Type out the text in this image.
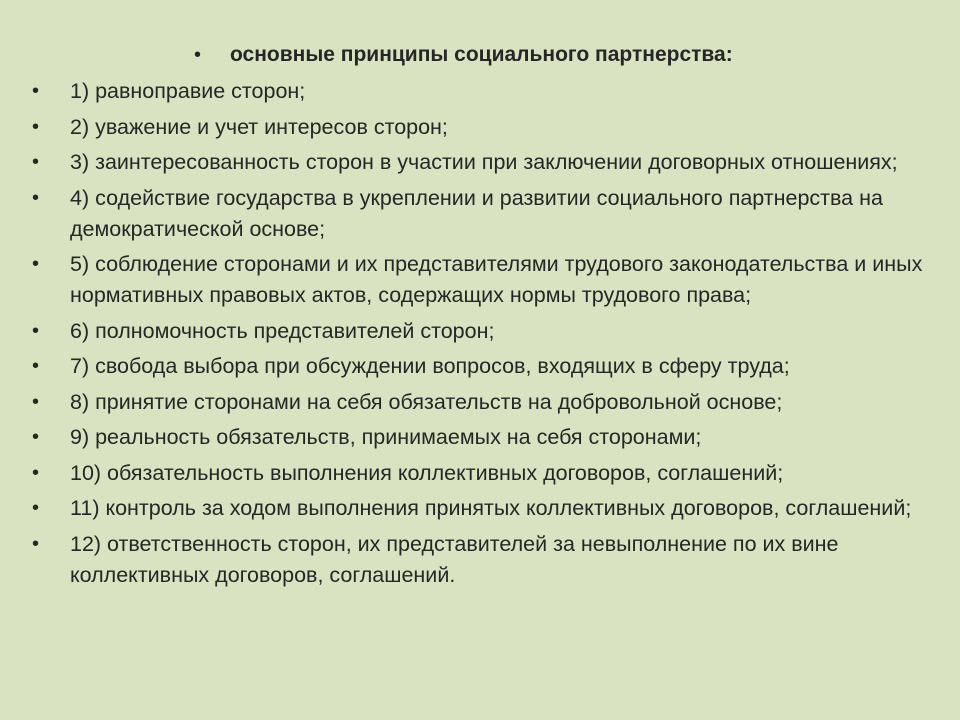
•	основные принципы социального партнерства:
•	1) равноправие сторон;
•	2) уважение и учет интересов сторон;
•	3) заинтересованность сторон в участии при заключении договорных отношениях;
•	4) содействие государства в укреплении и развитии социального партнерства на демократической основе;
•	5) соблюдение сторонами и их представителями трудового законодательства и иных нормативных правовых актов, содержащих нормы трудового права;
•	6) полномочность представителей сторон;
•	7) свобода выбора при обсуждении вопросов, входящих в сферу труда;
•	8) принятие сторонами на себя обязательств на добровольной основе;
•	9) реальность обязательств, принимаемых на себя сторонами;
•	10) обязательность выполнения коллективных договоров, соглашений;
•	11) контроль за ходом выполнения принятых коллективных договоров, соглашений;
•	12) ответственность сторон, их представителей за невыполнение по их вине коллективных договоров, соглашений.
